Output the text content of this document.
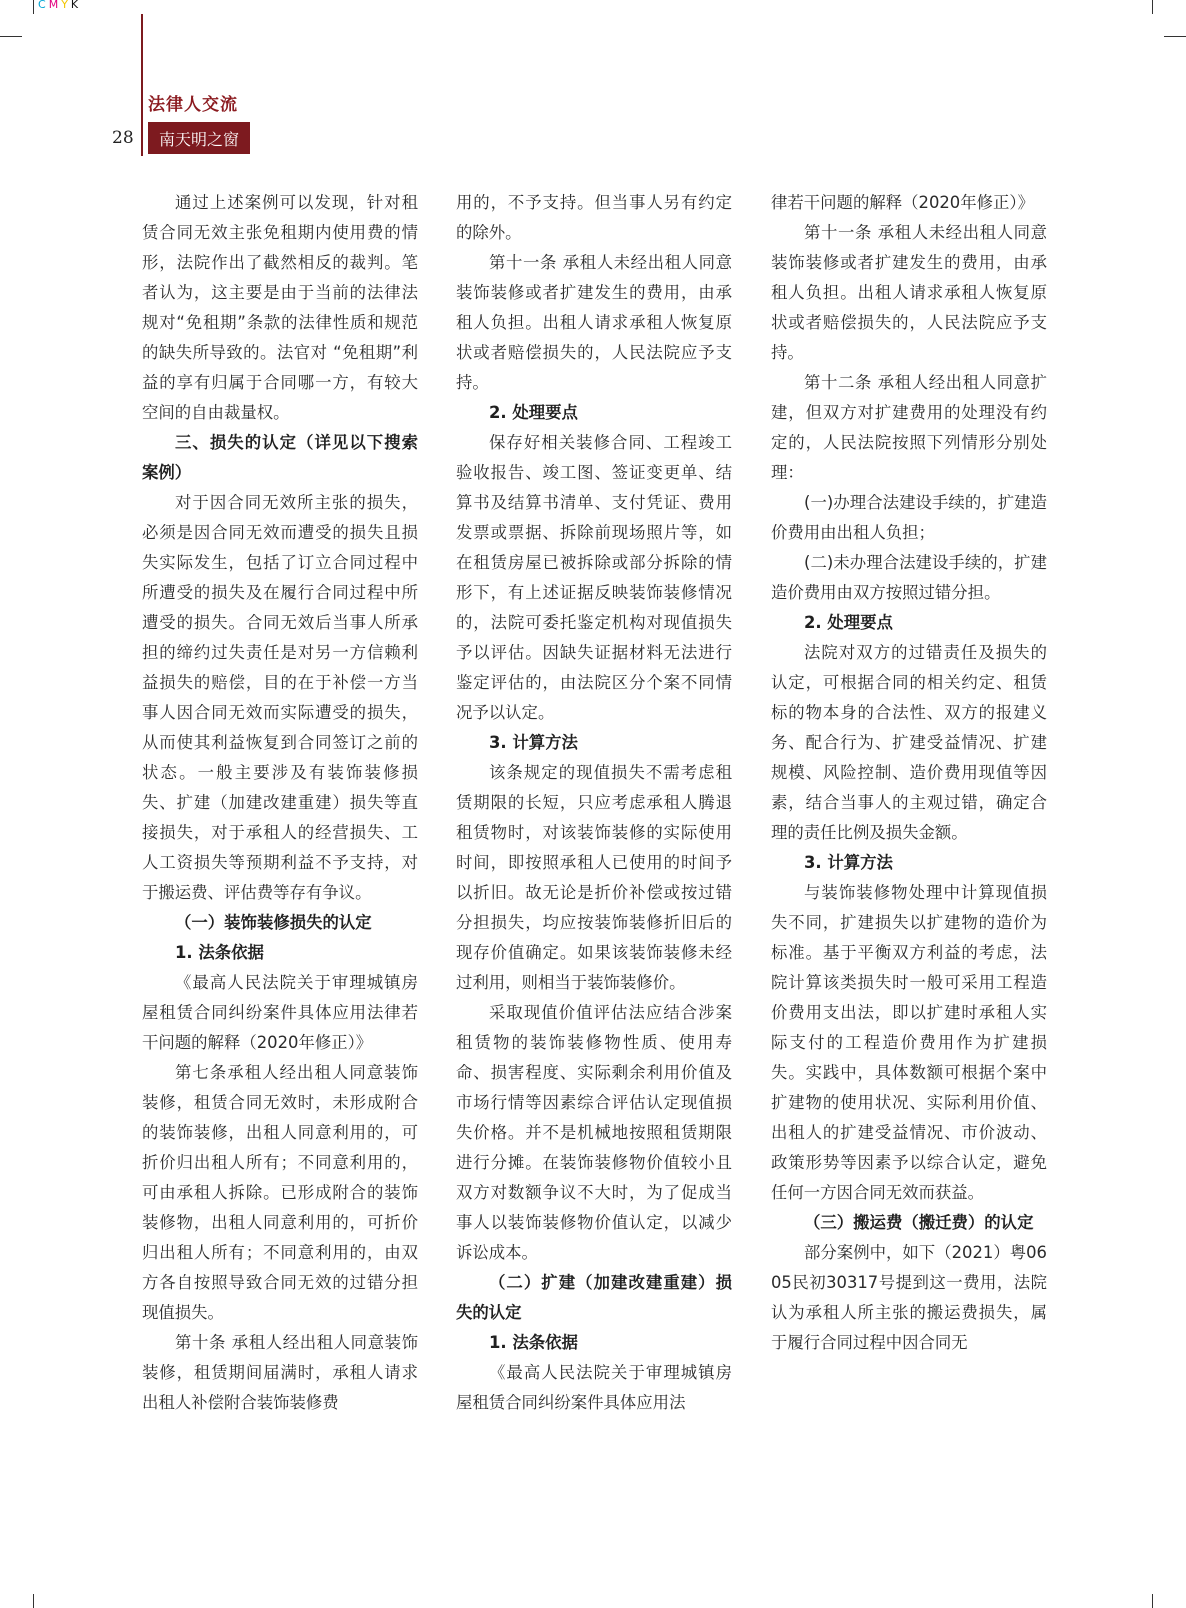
CMYK
法律人交流
28	南天明之窗

通过上述案例可以发现，针对租赁合同无效主张免租期内使用费的情形，法院作出了截然相反的裁判。笔者认为，这主要是由于当前的法律法规对“免租期”条款的法律性质和规范的缺失所导致的。法官对 “免租期”利益的享有归属于合同哪一方，有较大空间的自由裁量权。

三、损失的认定（详见以下搜索案例）

对于因合同无效所主张的损失，必须是因合同无效而遭受的损失且损失实际发生，包括了订立合同过程中所遭受的损失及在履行合同过程中所遭受的损失。合同无效后当事人所承担的缔约过失责任是对另一方信赖利益损失的赔偿，目的在于补偿一方当事人因合同无效而实际遭受的损失，从而使其利益恢复到合同签订之前的状态。一般主要涉及有装饰装修损失、扩建（加建改建重建）损失等直接损失，对于承租人的经营损失、工人工资损失等预期利益不予支持，对于搬运费、评估费等存有争议。

（一）装饰装修损失的认定

1. 法条依据

《最高人民法院关于审理城镇房屋租赁合同纠纷案件具体应用法律若干问题的解释（2020年修正）》

第七条承租人经出租人同意装饰装修，租赁合同无效时，未形成附合的装饰装修，出租人同意利用的，可折价归出租人所有；不同意利用的，可由承租人拆除。已形成附合的装饰装修物，出租人同意利用的，可折价归出租人所有；不同意利用的，由双方各自按照导致合同无效的过错分担现值损失。

第十条 承租人经出租人同意装饰装修，租赁期间届满时，承租人请求出租人补偿附合装饰装修费

用的，不予支持。但当事人另有约定的除外。

第十一条 承租人未经出租人同意装饰装修或者扩建发生的费用，由承租人负担。出租人请求承租人恢复原状或者赔偿损失的，人民法院应予支持。

2. 处理要点

保存好相关装修合同、工程竣工验收报告、竣工图、签证变更单、结算书及结算书清单、支付凭证、费用发票或票据、拆除前现场照片等，如在租赁房屋已被拆除或部分拆除的情形下，有上述证据反映装饰装修情况的，法院可委托鉴定机构对现值损失予以评估。因缺失证据材料无法进行鉴定评估的，由法院区分个案不同情况予以认定。

3. 计算方法

该条规定的现值损失不需考虑租赁期限的长短，只应考虑承租人腾退租赁物时，对该装饰装修的实际使用时间，即按照承租人已使用的时间予以折旧。故无论是折价补偿或按过错分担损失，均应按装饰装修折旧后的现存价值确定。如果该装饰装修未经过利用，则相当于装饰装修价。

采取现值价值评估法应结合涉案租赁物的装饰装修物性质、使用寿命、损害程度、实际剩余利用价值及市场行情等因素综合评估认定现值损失价格。并不是机械地按照租赁期限进行分摊。在装饰装修物价值较小且双方对数额争议不大时，为了促成当事人以装饰装修物价值认定，以减少诉讼成本。

（二）扩建（加建改建重建）损失的认定

1. 法条依据

《最高人民法院关于审理城镇房屋租赁合同纠纷案件具体应用法

律若干问题的解释（2020年修正）》

第十一条 承租人未经出租人同意装饰装修或者扩建发生的费用，由承租人负担。出租人请求承租人恢复原状或者赔偿损失的，人民法院应予支持。

第十二条 承租人经出租人同意扩建，但双方对扩建费用的处理没有约定的，人民法院按照下列情形分别处理：

(一)办理合法建设手续的，扩建造价费用由出租人负担；

(二)未办理合法建设手续的，扩建造价费用由双方按照过错分担。

2. 处理要点

法院对双方的过错责任及损失的认定，可根据合同的相关约定、租赁标的物本身的合法性、双方的报建义务、配合行为、扩建受益情况、扩建规模、风险控制、造价费用现值等因素，结合当事人的主观过错，确定合理的责任比例及损失金额。

3. 计算方法

与装饰装修物处理中计算现值损失不同，扩建损失以扩建物的造价为标准。基于平衡双方利益的考虑，法院计算该类损失时一般可采用工程造价费用支出法，即以扩建时承租人实际支付的工程造价费用作为扩建损失。实践中，具体数额可根据个案中扩建物的使用状况、实际利用价值、出租人的扩建受益情况、市价波动、政策形势等因素予以综合认定，避免任何一方因合同无效而获益。

（三）搬运费（搬迁费）的认定

部分案例中，如下（2021）粤0605民初30317号提到这一费用，法院认为承租人所主张的搬运费损失，属于履行合同过程中因合同无
